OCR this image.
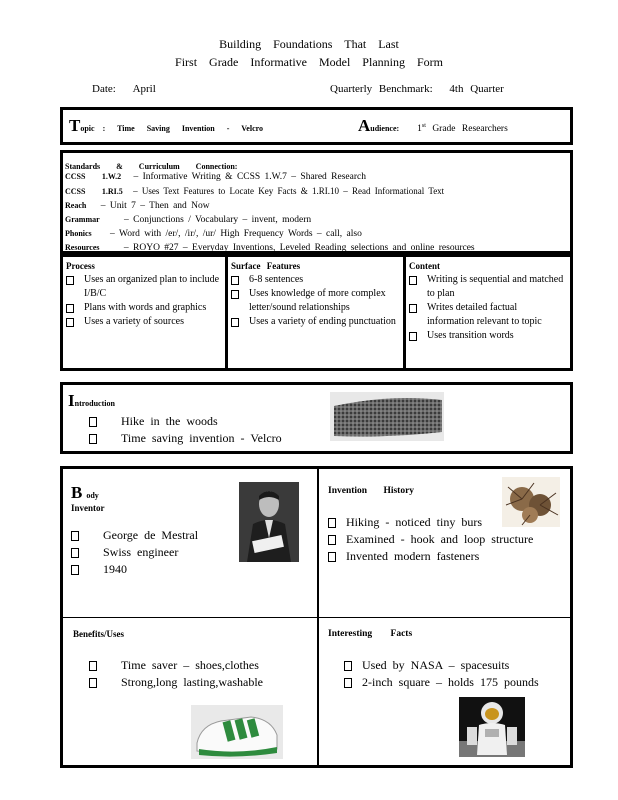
Building Foundations That Last
First Grade Informative Model Planning Form
Date: April	Quarterly Benchmark: 4th Quarter
Topic : Time Saving Invention - Velcro	Audience: 1st Grade Researchers
Standards & Curriculum Connection:
CCSS 1.W.2 – Informative Writing & CCSS 1.W.7 – Shared Research
CCSS 1.RI.5 – Uses Text Features to Locate Key Facts & 1.RI.10 – Read Informational Text
Reach – Unit 7 – Then and Now
Grammar	– Conjunctions / Vocabulary – invent, modern
Phonics – Word with /er/, /ir/, /ur/ High Frequency Words – call, also
Resources	– ROYO #27 – Everyday Inventions, Leveled Reading selections and online resources
Process
Uses an organized plan to include I/B/C
Plans with words and graphics
Uses a variety of sources
Surface Features
6-8 sentences
Uses knowledge of more complex letter/sound relationships
Uses a variety of ending punctuation
Content
Writing is sequential and matched to plan
Writes detailed factual information relevant to topic
Uses transition words
Introduction
Hike in the woods
Time saving invention - Velcro
Body
Inventor
George de Mestral
Swiss engineer
1940
Invention History
Hiking - noticed tiny burs
Examined - hook and loop structure
Invented modern fasteners
Benefits/Uses
Time saver – shoes,clothes
Strong,long lasting,washable
Interesting Facts
Used by NASA – spacesuits
2-inch square – holds 175 pounds
